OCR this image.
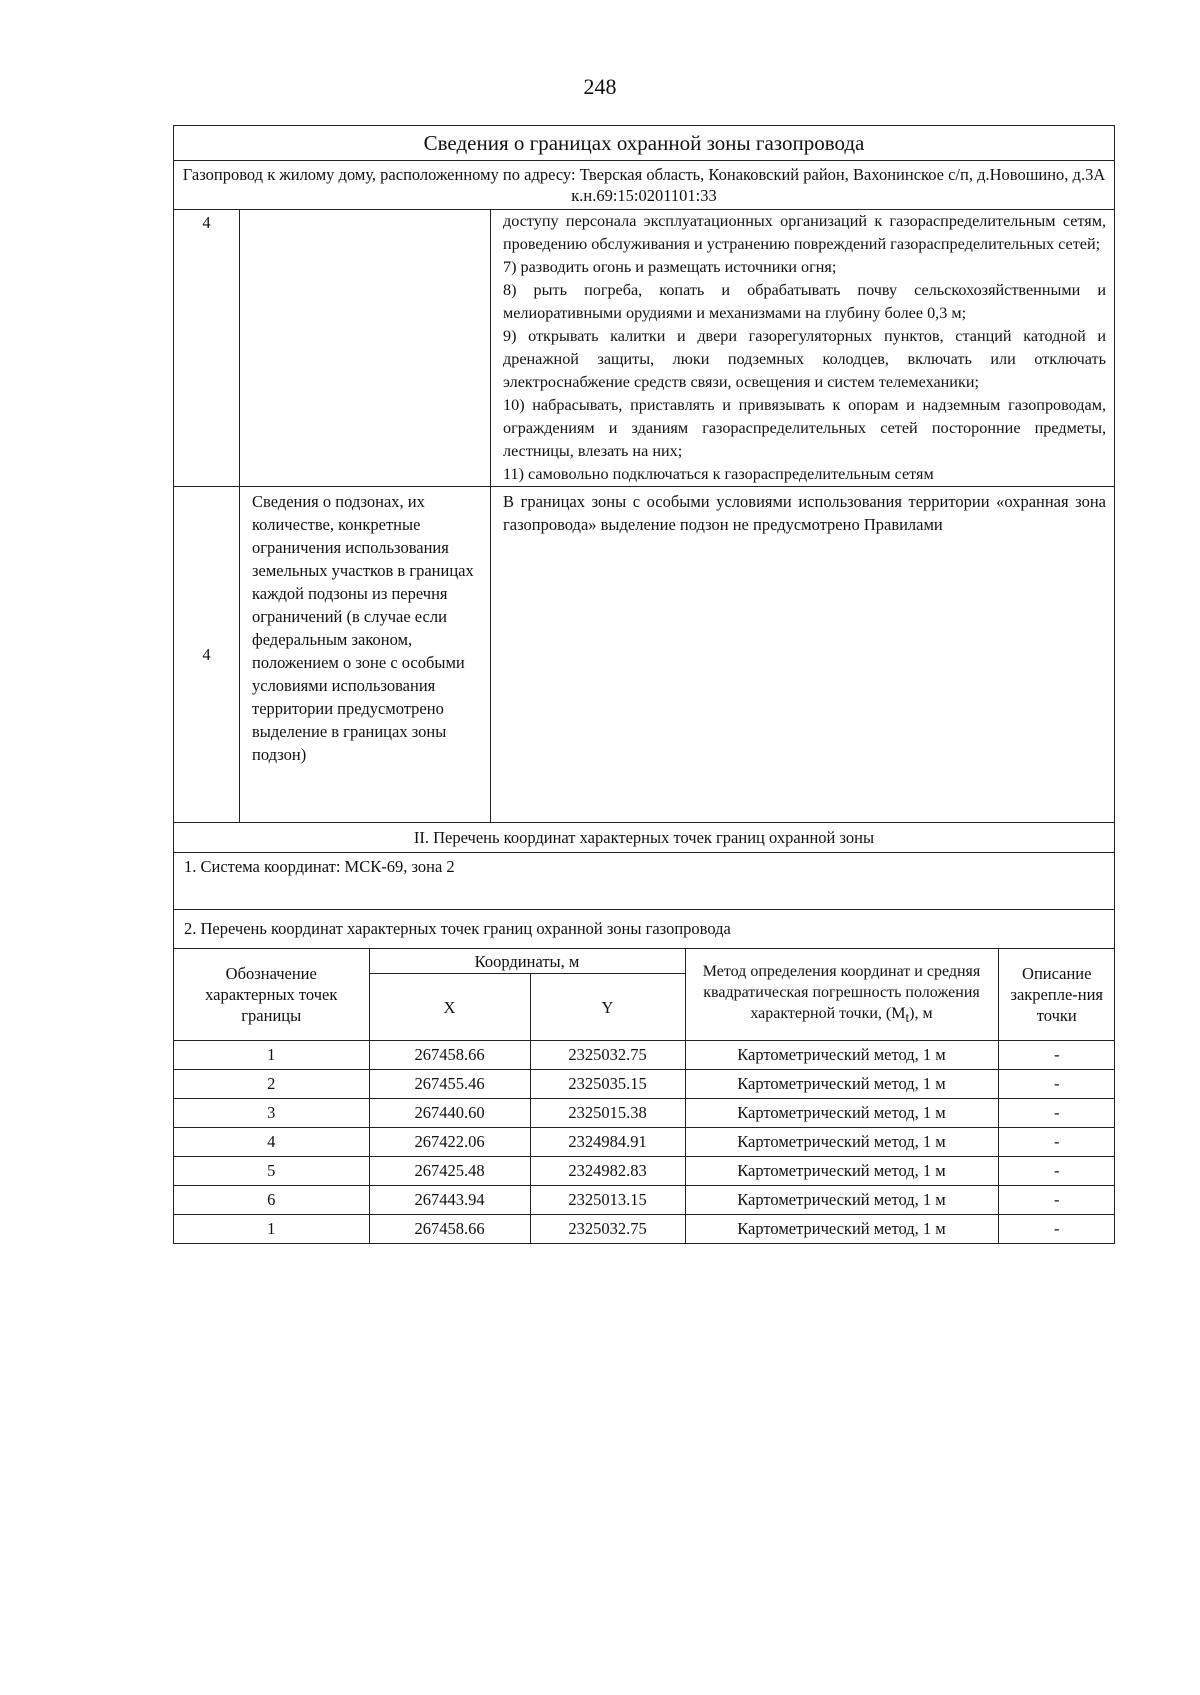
248
Сведения о границах охранной зоны газопровода
Газопровод к жилому дому, расположенному по адресу: Тверская область, Конаковский район, Вахонинское с/п, д.Новошино, д.3А к.н.69:15:0201101:33
4		доступу персонала эксплуатационных организаций к газораспределительным сетям, проведению обслуживания и устранению повреждений газораспределительных сетей;
7) разводить огонь и размещать источники огня;
8) рыть погреба, копать и обрабатывать почву сельскохозяйственными и мелиоративными орудиями и механизмами на глубину более 0,3 м;
9) открывать калитки и двери газорегуляторных пунктов, станций катодной и дренажной защиты, люки подземных колодцев, включать или отключать электроснабжение средств связи, освещения и систем телемеханики;
10) набрасывать, приставлять и привязывать к опорам и надземным газопроводам, ограждениям и зданиям газораспределительных сетей посторонние предметы, лестницы, влезать на них;
11) самовольно подключаться к газораспределительным сетям

4	Сведения о подзонах, их количестве, конкретные ограничения использования земельных участков в границах каждой подзоны из перечня ограничений (в случае если федеральным законом, положением о зоне с особыми условиями использования территории предусмотрено выделение в границах зоны подзон)	В границах зоны с особыми условиями использования территории «охранная зона газопровода» выделение подзон не предусмотрено Правилами
II. Перечень координат характерных точек границ охранной зоны
1. Система координат: МСК-69, зона 2
2. Перечень координат характерных точек границ охранной зоны газопровода

Обозначение характерных точек границы	Координаты, м	Метод определения координат и средняя квадратическая погрешность положения характерной точки, $(M_t)$, м	Описание закрепле-ния точки
X	Y
1	267458.66	2325032.75	Картометрический метод, 1 м	-
2	267455.46	2325035.15	Картометрический метод, 1 м	-
3	267440.60	2325015.38	Картометрический метод, 1 м	-
4	267422.06	2324984.91	Картометрический метод, 1 м	-
5	267425.48	2324982.83	Картометрический метод, 1 м	-
6	267443.94	2325013.15	Картометрический метод, 1 м	-
1	267458.66	2325032.75	Картометрический метод, 1 м	-
